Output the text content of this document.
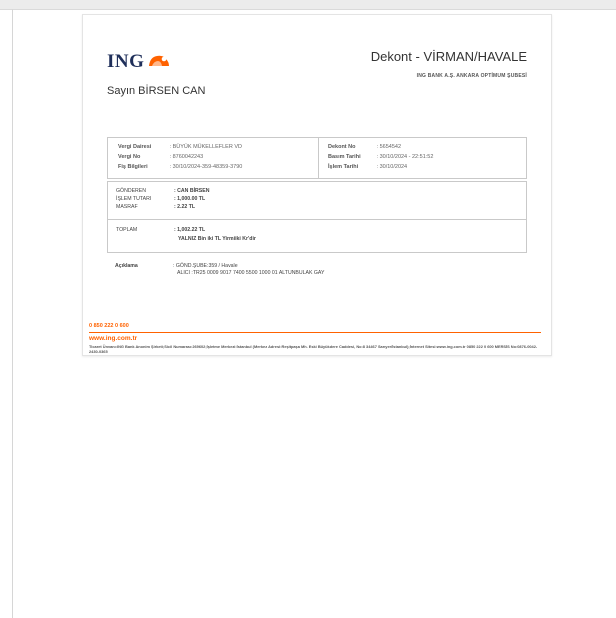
ING	Dekont - VİRMAN/HAVALE
ING BANK A.Ş. ANKARA OPTİMUM ŞUBESİ
Sayın BİRSEN CAN
Vergi Dairesi	: BÜYÜK MÜKELLEFLER VD
Vergi No	: 8760042243
Fiş Bilgileri	: 30/10/2024-359-48359-3790
Dekont No	: 5654542
Basım Tarihi	: 30/10/2024 - 22:51:52
İşlem Tarihi	: 30/10/2024
GÖNDEREN	: CAN BİRSEN
İŞLEM TUTARI	: 1,000.00 TL
MASRAF	: 2.22 TL
TOPLAM	: 1,002.22 TL
YALNIZ Bin iki TL Yirmiiki Kr'dir
Açıklama	: GÖND.ŞUBE:359 / Havale
ALICI :TR25 0009 9017 7400 5500 1000 01 ALTUNBULAK GAY
0 850 222 0 600
www.ing.com.tr
Ticaret Ünvanı:ING Bank Anonim Şirketi;Sicil Numarası:269602;İşletme Merkezi:İstanbul (Merkez Adresi:Reşitpaşa Mh. Eski Büyükdere Caddesi, No:8 34467 Sarıyer/İstanbul);İnternet Sitesi:www.ing.com.tr 0850 222 0 600 MERSİS No:0876-0042-2430-0365
